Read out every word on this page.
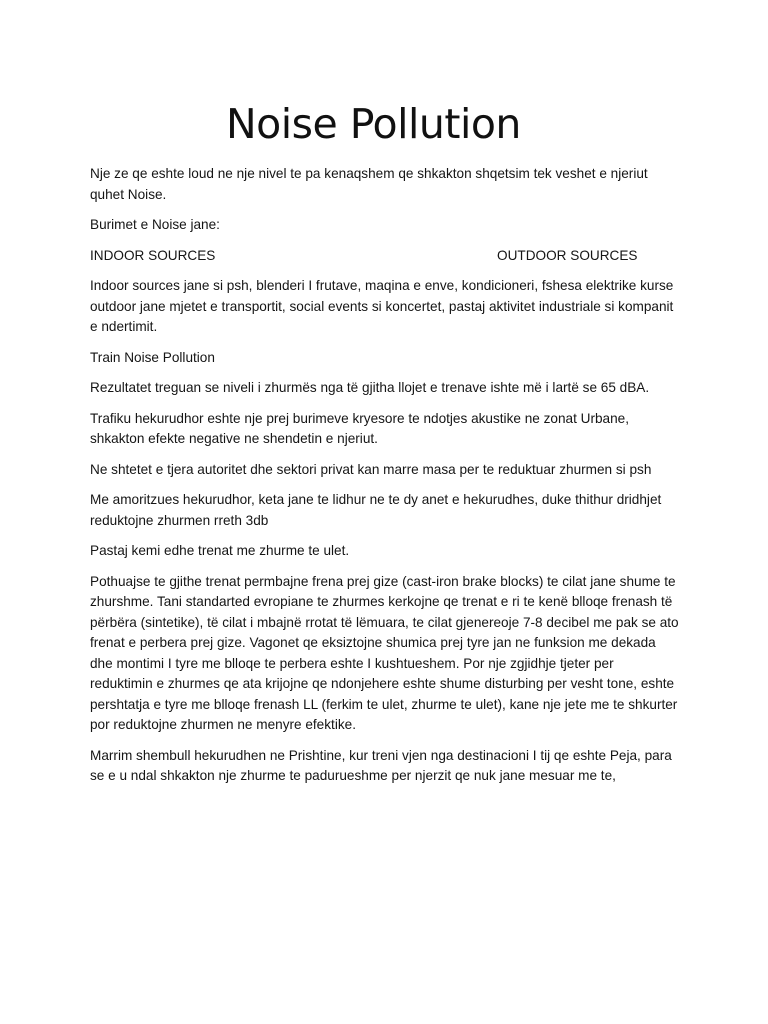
Noise Pollution

Nje ze qe eshte loud ne nje nivel te pa kenaqshem qe shkakton shqetsim tek veshet e njeriut quhet Noise.

Burimet e Noise jane:

INDOOR SOURCES	OUTDOOR SOURCES

Indoor sources jane si psh, blenderi I frutave, maqina e enve, kondicioneri, fshesa elektrike kurse outdoor jane mjetet e transportit, social events si koncertet, pastaj aktivitet industriale si kompanit e ndertimit.

Train Noise Pollution

Rezultatet treguan se niveli i zhurmës nga të gjitha llojet e trenave ishte më i lartë se 65 dBA.

Trafiku hekurudhor eshte nje prej burimeve kryesore te ndotjes akustike ne zonat Urbane, shkakton efekte negative ne shendetin e njeriut.

Ne shtetet e tjera autoritet dhe sektori privat kan marre masa per te reduktuar zhurmen si psh

Me amoritzues hekurudhor, keta jane te lidhur ne te dy anet e hekurudhes, duke thithur dridhjet reduktojne zhurmen rreth 3db

Pastaj kemi edhe trenat me zhurme te ulet.

Pothuajse te gjithe trenat permbajne frena prej gize (cast-iron brake blocks) te cilat jane shume te zhurshme. Tani standarted evropiane te zhurmes kerkojne qe trenat e ri te kenë blloqe frenash të përbëra (sintetike), të cilat i mbajnë rrotat të lëmuara, te cilat gjenereoje 7-8 decibel me pak se ato frenat e perbera prej gize. Vagonet qe eksiztojne shumica prej tyre jan ne funksion me dekada dhe montimi I tyre me blloqe te perbera eshte I kushtueshem. Por nje zgjidhje tjeter per reduktimin e zhurmes qe ata krijojne qe ndonjehere eshte shume disturbing per vesht tone, eshte pershtatja e tyre me blloqe frenash LL (ferkim te ulet, zhurme te ulet), kane nje jete me te shkurter por reduktojne zhurmen ne menyre efektike.

Marrim shembull hekurudhen ne Prishtine, kur treni vjen nga destinacioni I tij qe eshte Peja, para se e u ndal shkakton nje zhurme te padurueshme per njerzit qe nuk jane mesuar me te,
